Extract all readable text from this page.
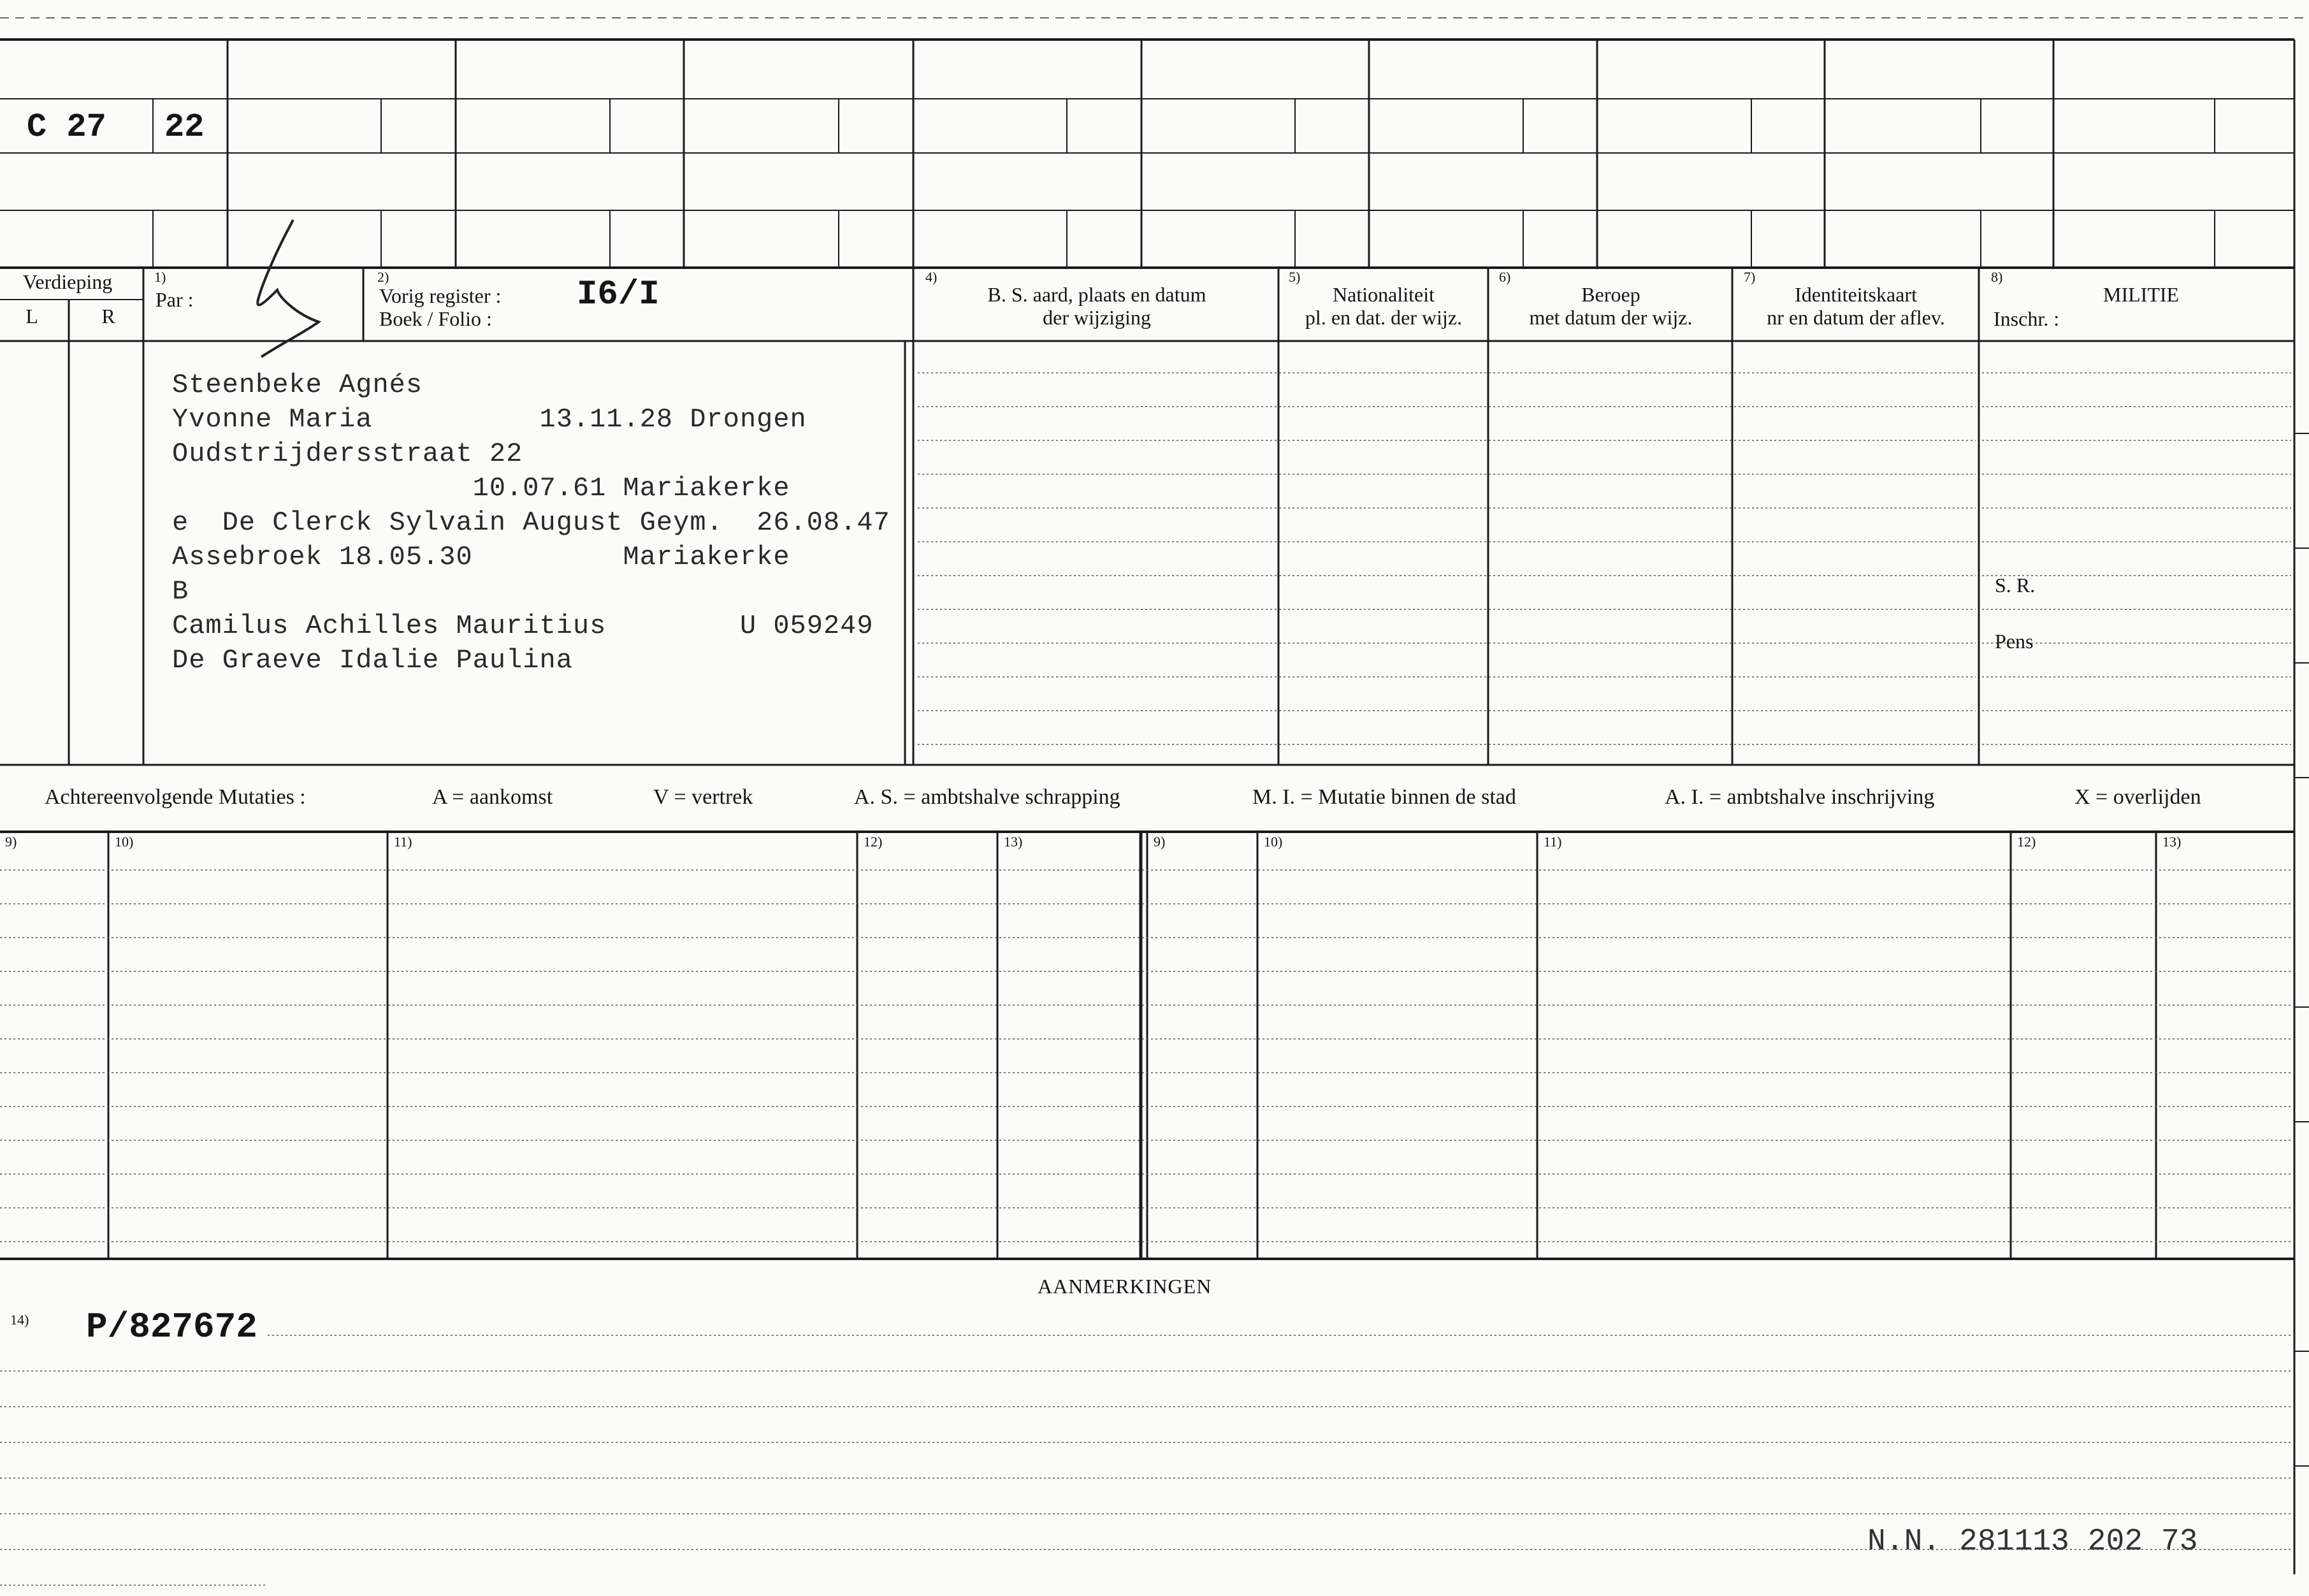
C 27 22
Verdieping
L	R
1)
Par :
2)
Vorig register : I6/I
Boek / Folio :
4)
B. S. aard, plaats en datum
der wijziging
5)
Nationaliteit
pl. en dat. der wijz.
6)
Beroep
met datum der wijz.
7)
Identiteitskaart
nr en datum der aflev.
8)
MILITIE
Inschr. :
S. R.
Pens
Steenbeke Agnés
Yvonne Maria          13.11.28 Drongen
Oudstrijdersstraat 22
10.07.61 Mariakerke
e  De Clerck Sylvain August Geym.  26.08.47
Assebroek 18.05.30         Mariakerke
B
Camilus Achilles Mauritius        U 059249
De Graeve Idalie Paulina
Achtereenvolgende Mutaties :	A = aankomst	V = vertrek	A. S. = ambtshalve schrapping	M. I. = Mutatie binnen de stad	A. I. = ambtshalve inschrijving	X = overlijden
9)	10)	11)	12)	13)	9)	10)	11)	12)	13)
AANMERKINGEN
14) P/827672
N.N. 281113 202 73
